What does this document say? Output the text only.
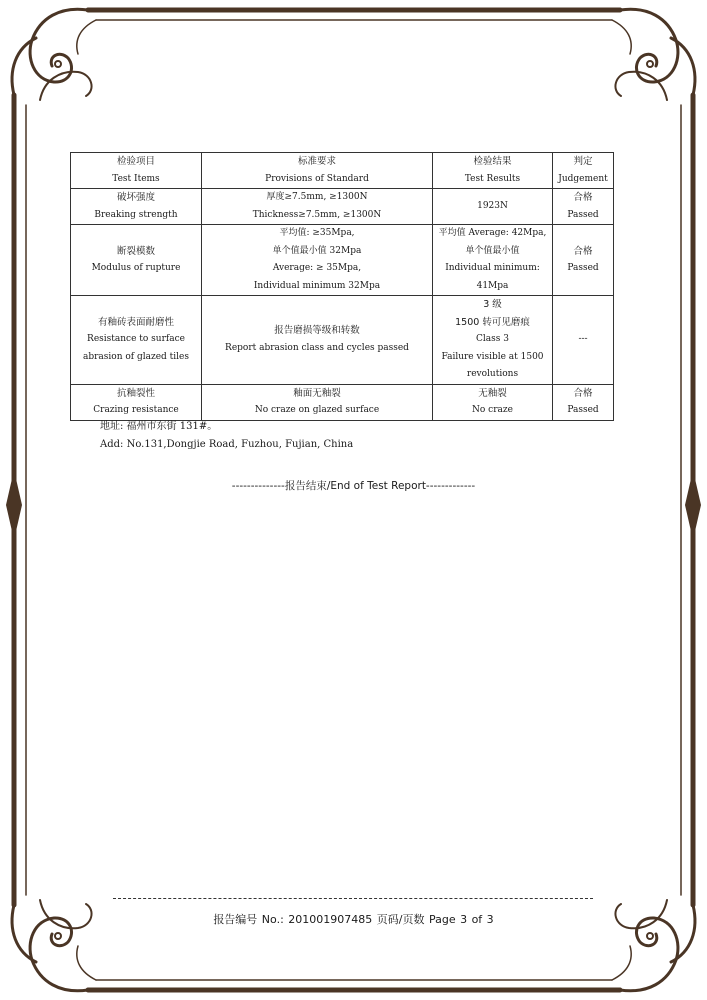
检验项目
Test Items	标准要求
Provisions of Standard	检验结果
Test Results	判定
Judgement

破坏强度
Breaking strength	厚度≥7.5mm, ≥1300N
Thickness≥7.5mm, ≥1300N	1923N	合格
Passed

断裂模数
Modulus of rupture	平均值: ≥35Mpa,
单个值最小值 32Mpa
Average: ≥ 35Mpa,
Individual minimum 32Mpa	平均值 Average: 42Mpa,
单个值最小值
Individual minimum:
41Mpa	合格
Passed

有釉砖表面耐磨性
Resistance to surface
abrasion of glazed tiles	报告磨损等级和转数
Report abrasion class and cycles passed	3 级
1500 转可见磨痕
Class 3
Failure visible at 1500
revolutions	---

抗釉裂性
Crazing resistance	釉面无釉裂
No craze on glazed surface	无釉裂
No craze	合格
Passed
地址: 福州市东街 131#。
Add: No.131,Dongjie Road, Fuzhou, Fujian, China
--------------报告结束/End of Test Report-------------
报告编号 No.: 201001907485 页码/页数 Page 3 of 3
